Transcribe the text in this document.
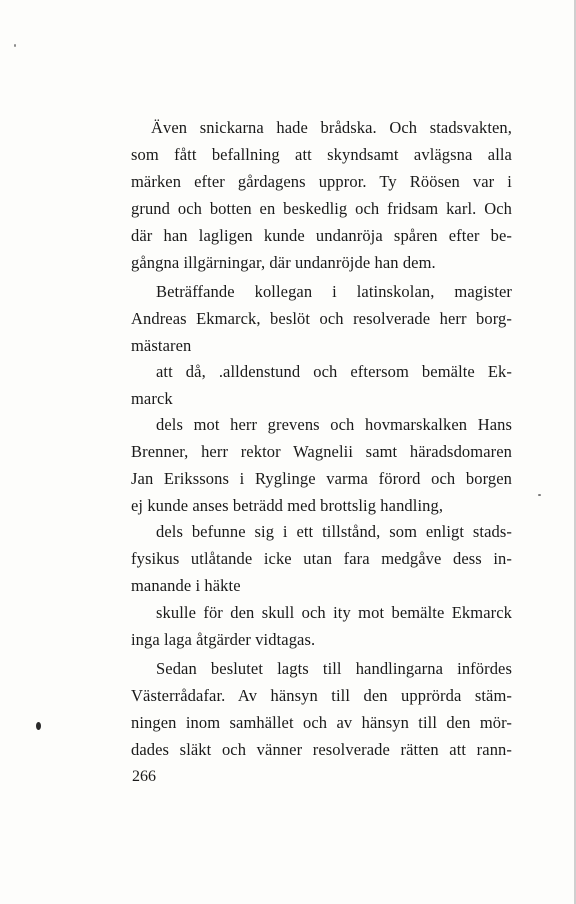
Även snickarna hade brådska. Och stadsvakten,
som fått befallning att skyndsamt avlägsna alla
märken efter gårdagens uppror. Ty Röösen var i
grund och botten en beskedlig och fridsam karl. Och
där han lagligen kunde undanröja spåren efter be-
gångna illgärningar, där undanröjde han dem.
Beträffande kollegan i latinskolan, magister
Andreas Ekmarck, beslöt och resolverade herr borg-
mästaren
att då, .alldenstund och eftersom bemälte Ek-
marck
dels mot herr grevens och hovmarskalken Hans
Brenner, herr rektor Wagnelii samt häradsdomaren
Jan Erikssons i Ryglinge varma förord och borgen
ej kunde anses beträdd med brottslig handling,
dels befunne sig i ett tillstånd, som enligt stads-
fysikus utlåtande icke utan fara medgåve dess in-
manande i häkte
skulle för den skull och ity mot bemälte Ekmarck
inga laga åtgärder vidtagas.
Sedan beslutet lagts till handlingarna infördes
Västerrådafar. Av hänsyn till den upprörda stäm-
ningen inom samhället och av hänsyn till den mör-
dades släkt och vänner resolverade rätten att rann-
266
